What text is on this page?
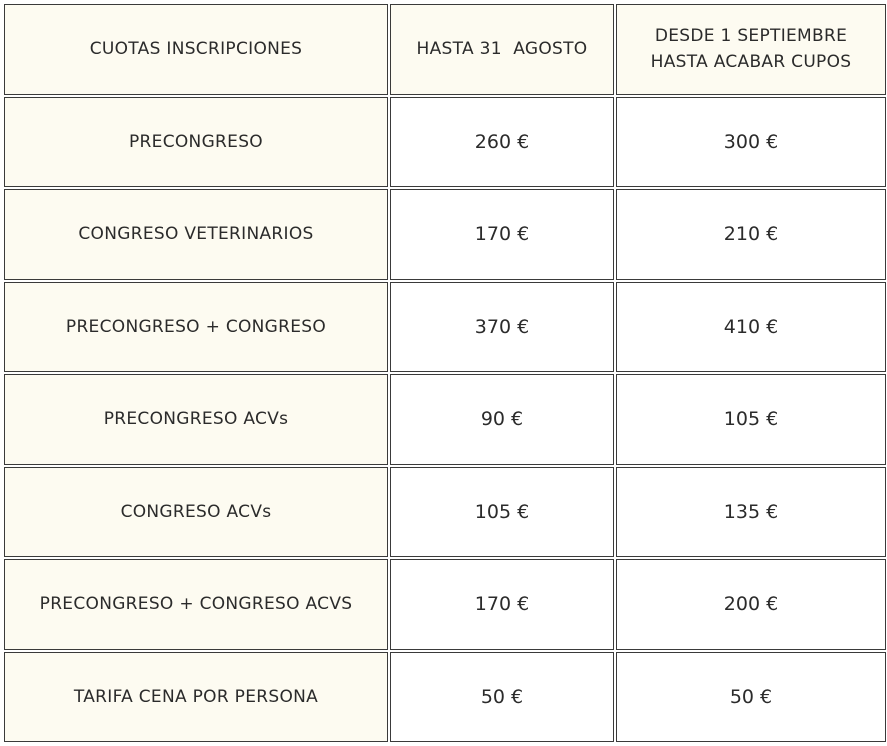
CUOTAS INSCRIPCIONES	HASTA 31  AGOSTO	DESDE 1 SEPTIEMBRE
HASTA ACABAR CUPOS

PRECONGRESO	260 €	300 €
CONGRESO VETERINARIOS	170 €	210 €
PRECONGRESO + CONGRESO	370 €	410 €
PRECONGRESO ACVs	90 €	105 €
CONGRESO ACVs	105 €	135 €
PRECONGRESO + CONGRESO ACVS	170 €	200 €
TARIFA CENA POR PERSONA	50 €	50 €
